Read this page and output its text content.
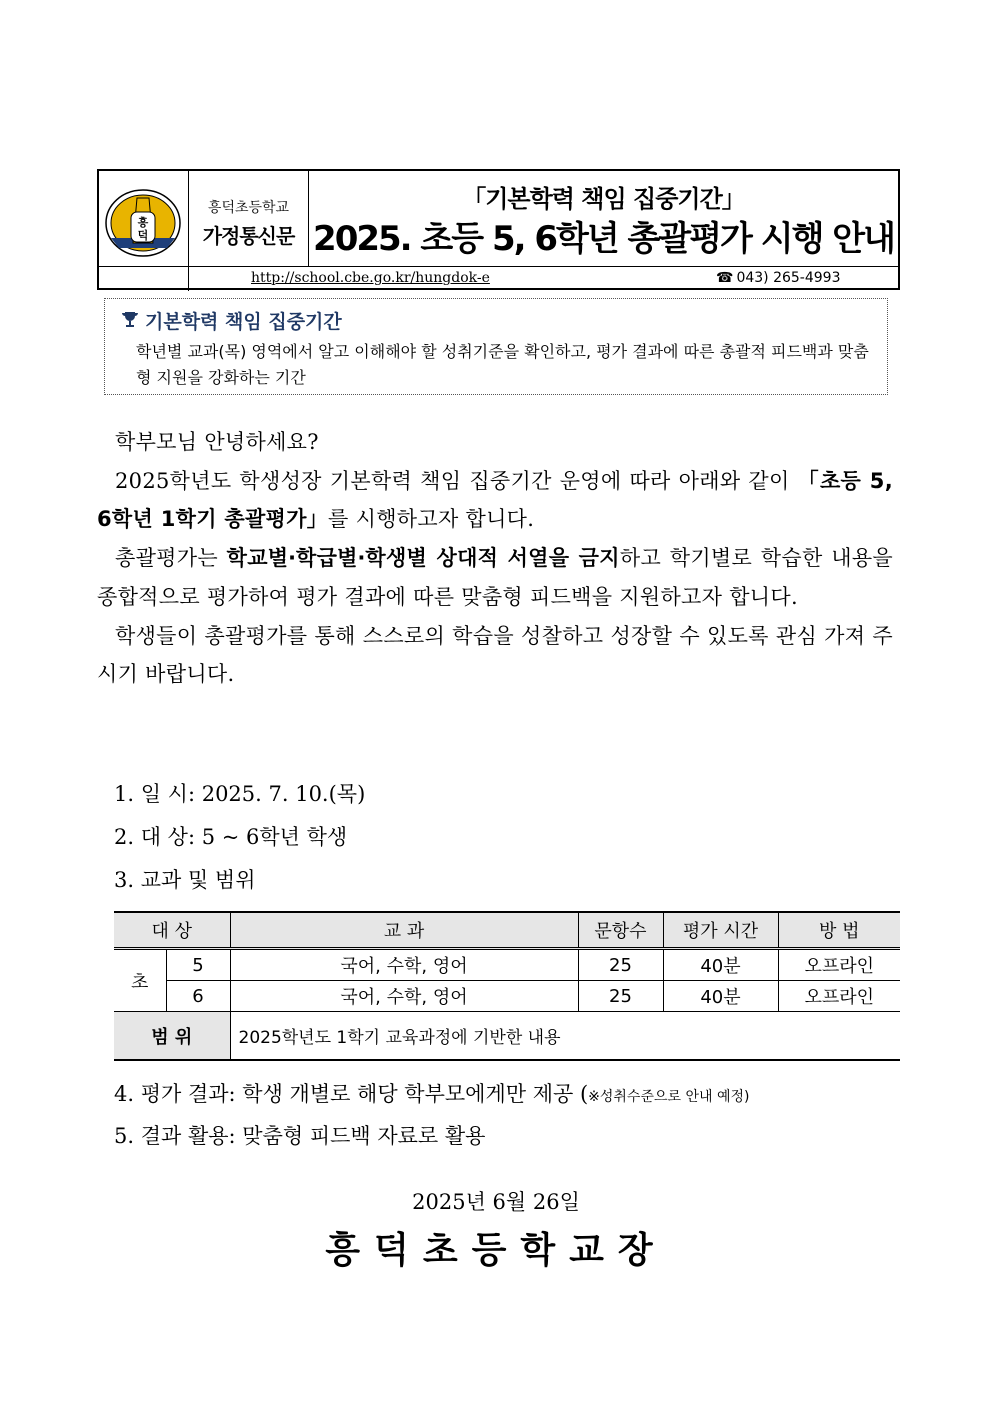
흥
덕
흥덕초등학교
가정통신문
「기본학력 책임 집중기간」
2025. 초등 5, 6학년 총괄평가 시행 안내
http://school.cbe.go.kr/hungdok-e	☎ 043) 265-4993
기본학력 책임 집중기간
학년별 교과(목) 영역에서 알고 이해해야 할 성취기준을 확인하고, 평가 결과에 따른 총괄적 피드백과 맞춤형 지원을 강화하는 기간

학부모님 안녕하세요?

2025학년도 학생성장 기본학력 책임 집중기간 운영에 따라 아래와 같이 「초등 5, 6학년 1학기 총괄평가」를 시행하고자 합니다.

총괄평가는 학교별‧학급별‧학생별 상대적 서열을 금지하고 학기별로 학습한 내용을 종합적으로 평가하여 평가 결과에 따른 맞춤형 피드백을 지원하고자 합니다.

학생들이 총괄평가를 통해 스스로의 학습을 성찰하고 성장할 수 있도록 관심 가져 주시기 바랍니다.

1. 일 시: 2025. 7. 10.(목)
2. 대 상: 5 ~ 6학년 학생
3. 교과 및 범위
대 상		교 과	문항수	평가 시간	방 법
초	5	국어, 수학, 영어	25	40분	오프라인
	6	국어, 수학, 영어	25	40분	오프라인
범 위		2025학년도 1학기 교육과정에 기반한 내용			
4. 평가 결과: 학생 개별로 해당 학부모에게만 제공 (※성취수준으로 안내 예정)
5. 결과 활용: 맞춤형 피드백 자료로 활용
2025년 6월 26일
흥덕초등학교장
